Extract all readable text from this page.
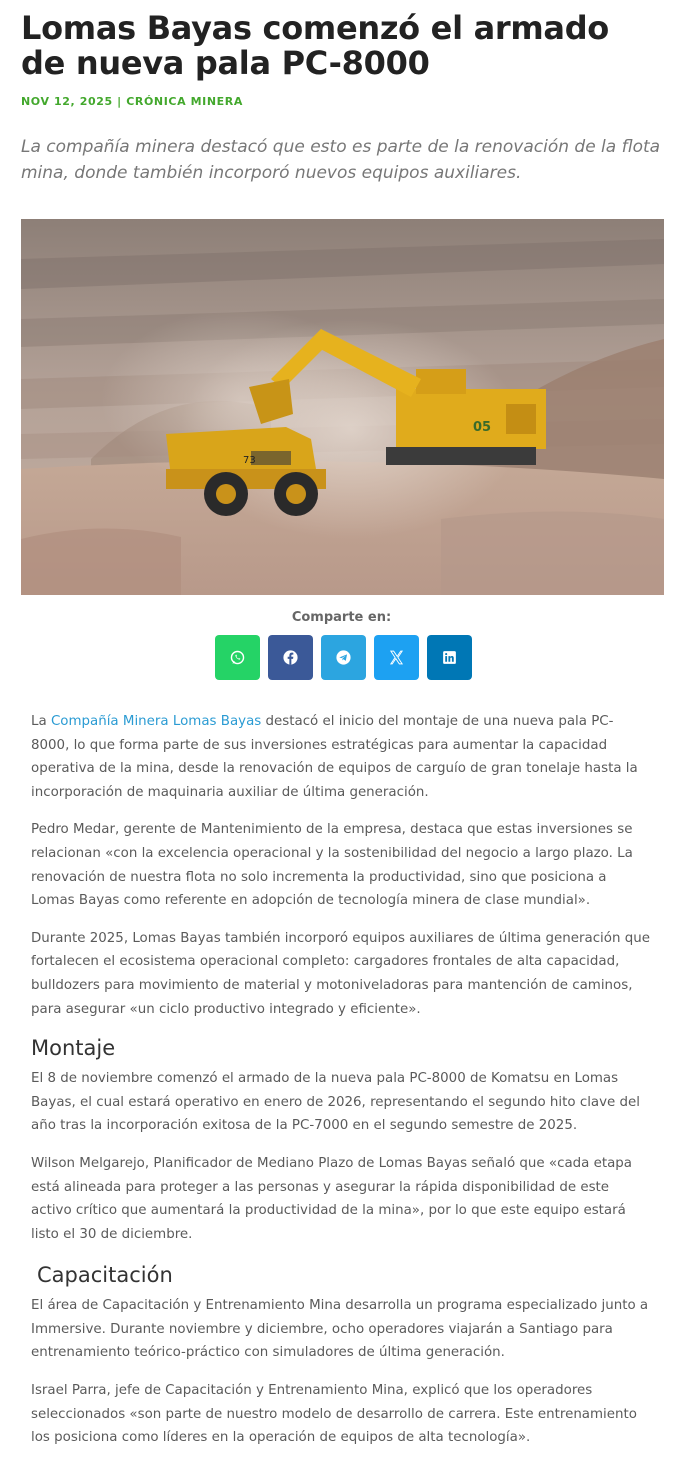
Lomas Bayas comenzó el armado de nueva pala PC-8000
NOV 12, 2025 | CRÓNICA MINERA
La compañía minera destacó que esto es parte de la renovación de la flota mina, donde también incorporó nuevos equipos auxiliares.
73
05
Comparte en:

La Compañía Minera Lomas Bayas destacó el inicio del montaje de una nueva pala PC-8000, lo que forma parte de sus inversiones estratégicas para aumentar la capacidad operativa de la mina, desde la renovación de equipos de carguío de gran tonelaje hasta la incorporación de maquinaria auxiliar de última generación.

Pedro Medar, gerente de Mantenimiento de la empresa, destaca que estas inversiones se relacionan «con la excelencia operacional y la sostenibilidad del negocio a largo plazo. La renovación de nuestra flota no solo incrementa la productividad, sino que posiciona a Lomas Bayas como referente en adopción de tecnología minera de clase mundial».

Durante 2025, Lomas Bayas también incorporó equipos auxiliares de última generación que fortalecen el ecosistema operacional completo: cargadores frontales de alta capacidad, bulldozers para movimiento de material y motoniveladoras para mantención de caminos, para asegurar «un ciclo productivo integrado y eficiente».

Montaje

El 8 de noviembre comenzó el armado de la nueva pala PC-8000 de Komatsu en Lomas Bayas, el cual estará operativo en enero de 2026, representando el segundo hito clave del año tras la incorporación exitosa de la PC-7000 en el segundo semestre de 2025.

Wilson Melgarejo, Planificador de Mediano Plazo de Lomas Bayas señaló que «cada etapa está alineada para proteger a las personas y asegurar la rápida disponibilidad de este activo crítico que aumentará la productividad de la mina», por lo que este equipo estará listo el 30 de diciembre.

Capacitación

El área de Capacitación y Entrenamiento Mina desarrolla un programa especializado junto a Immersive. Durante noviembre y diciembre, ocho operadores viajarán a Santiago para entrenamiento teórico-práctico con simuladores de última generación.

Israel Parra, jefe de Capacitación y Entrenamiento Mina, explicó que los operadores seleccionados «son parte de nuestro modelo de desarrollo de carrera. Este entrenamiento los posiciona como líderes en la operación de equipos de alta tecnología».
